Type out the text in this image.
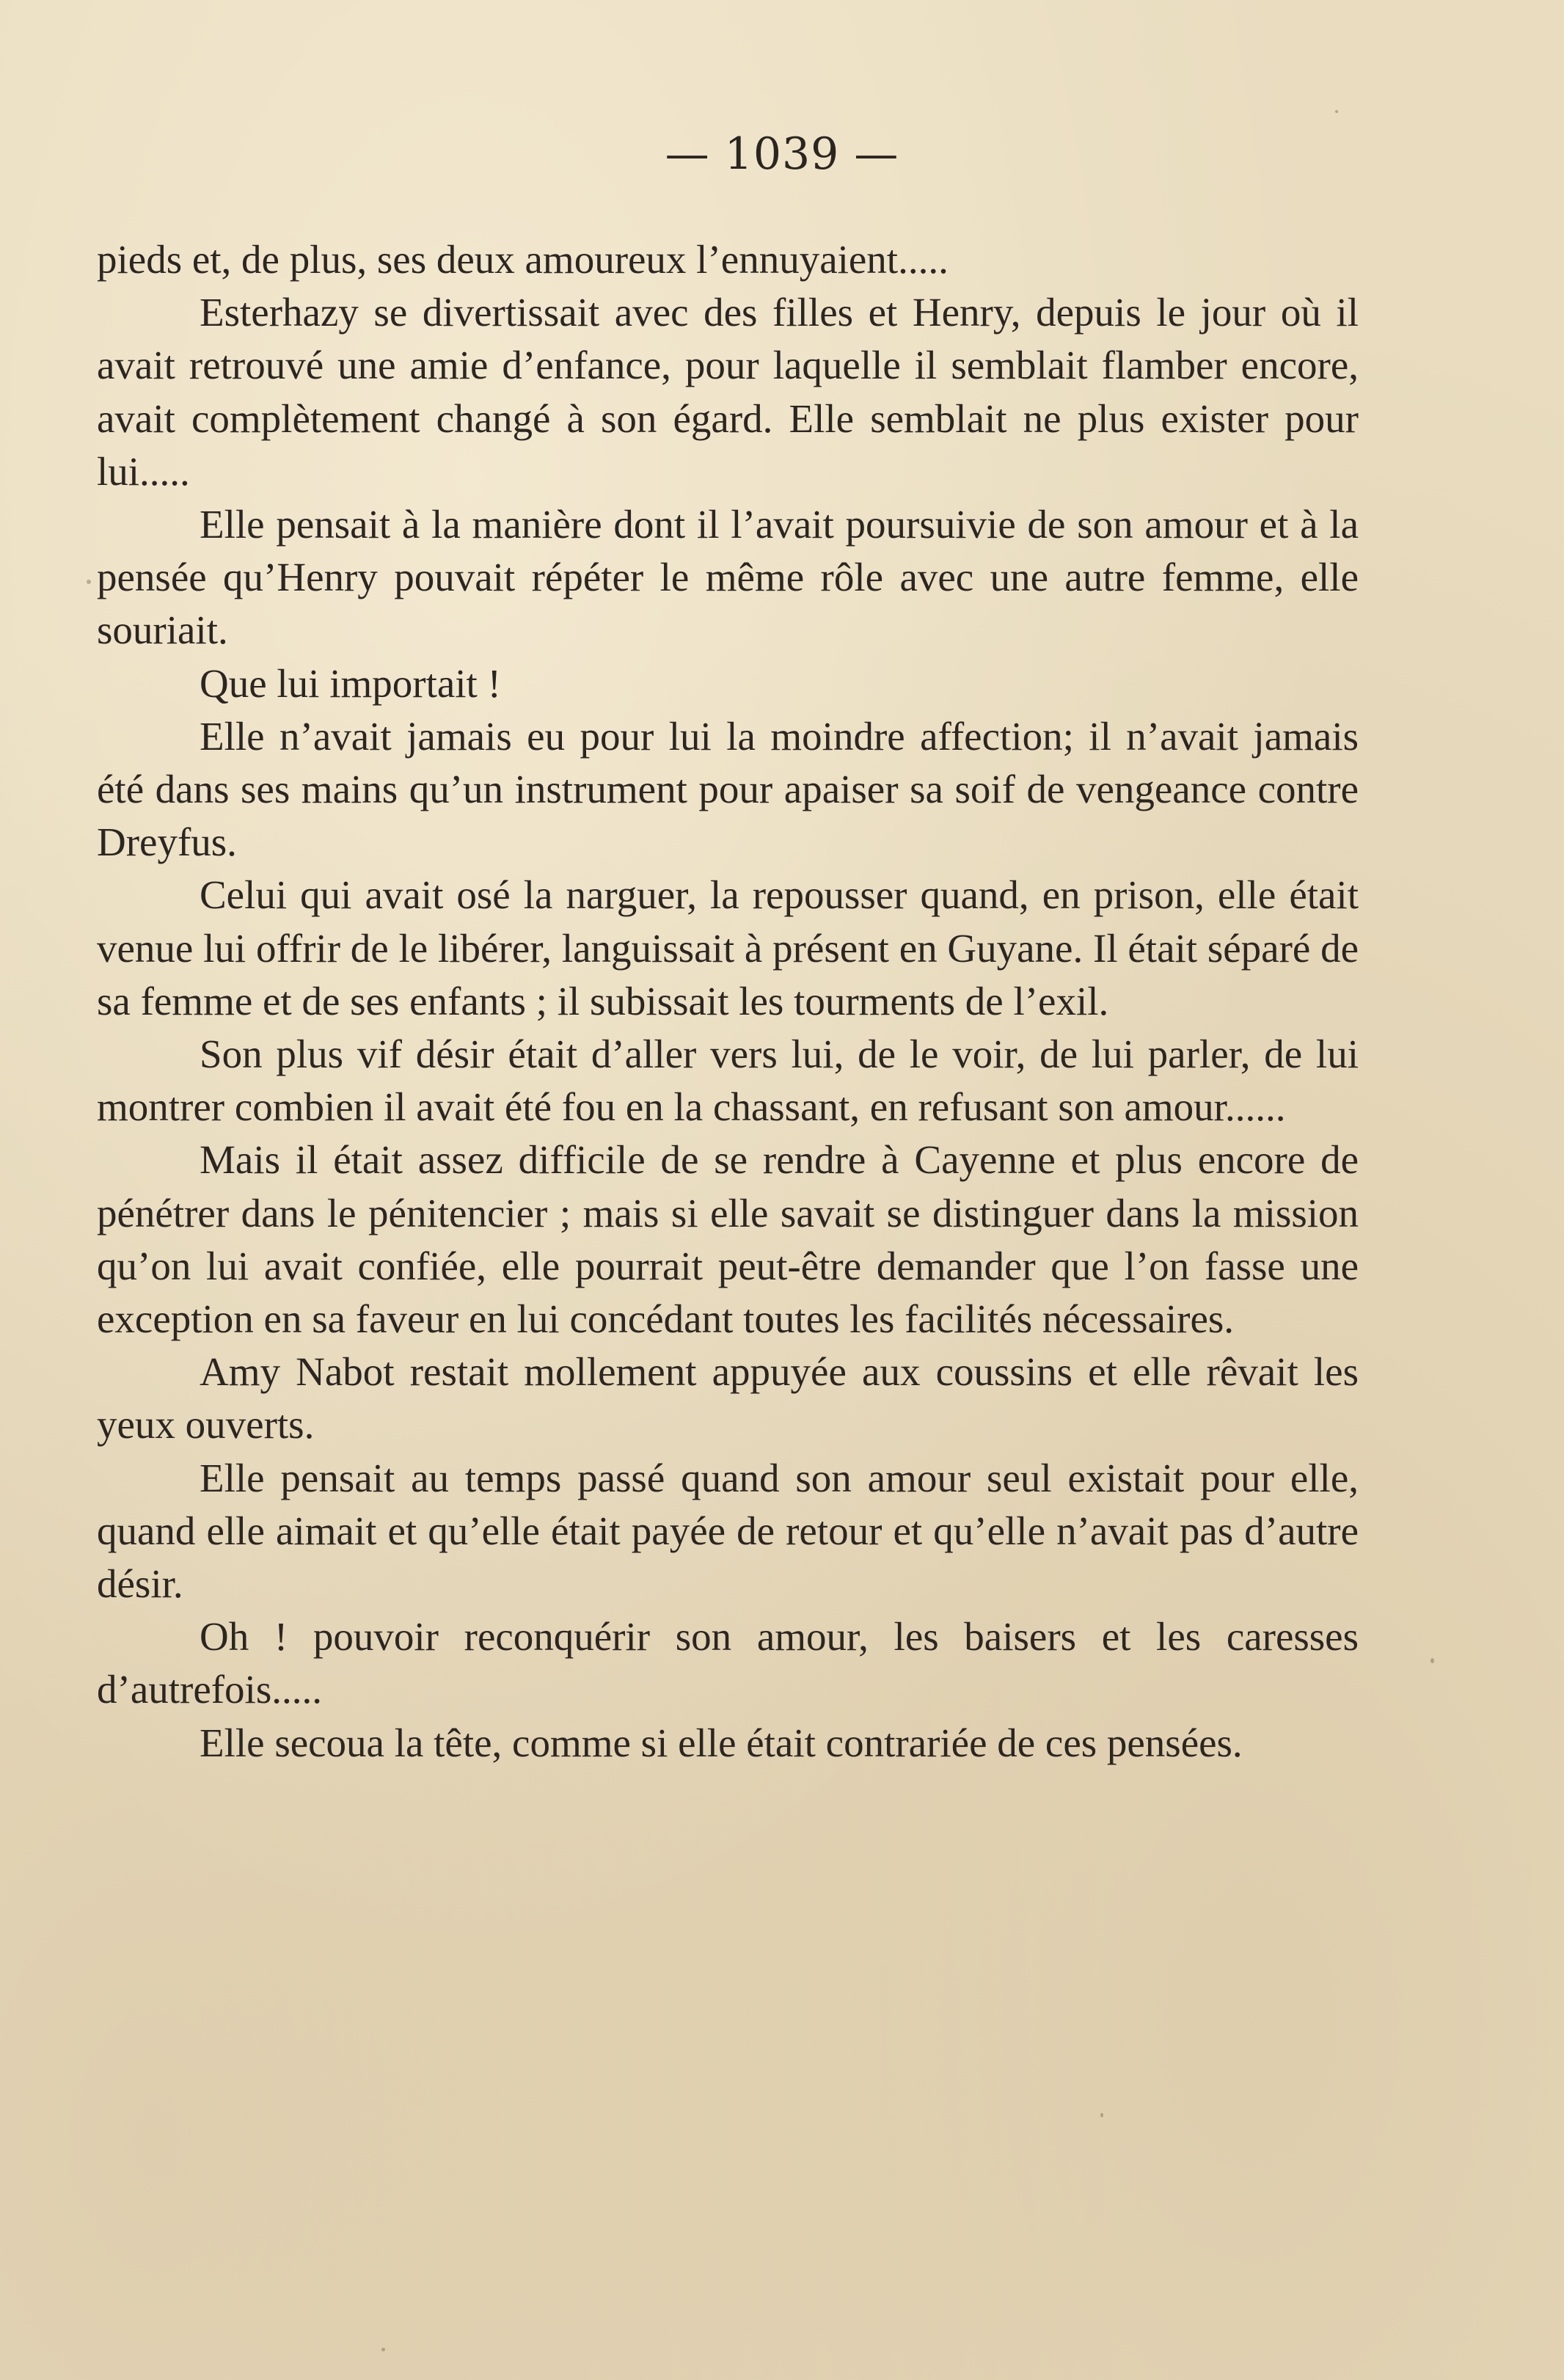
— 1039 —

pieds et, de plus, ses deux amoureux l’ennuyaient.....

Esterhazy se divertissait avec des filles et Henry, depuis le jour où il avait retrouvé une amie d’enfance, pour laquelle il semblait flamber encore, avait complètement changé à son égard. Elle semblait ne plus exister pour lui.....

Elle pensait à la manière dont il l’avait poursuivie de son amour et à la pensée qu’Henry pouvait répéter le même rôle avec une autre femme, elle souriait.

Que lui importait !

Elle n’avait jamais eu pour lui la moindre affection; il n’avait jamais été dans ses mains qu’un instrument pour apaiser sa soif de vengeance contre Dreyfus.

Celui qui avait osé la narguer, la repousser quand, en prison, elle était venue lui offrir de le libérer, languissait à présent en Guyane. Il était séparé de sa femme et de ses enfants ; il subissait les tourments de l’exil.

Son plus vif désir était d’aller vers lui, de le voir, de lui parler, de lui montrer combien il avait été fou en la chassant, en refusant son amour......

Mais il était assez difficile de se rendre à Cayenne et plus encore de pénétrer dans le pénitencier ; mais si elle savait se distinguer dans la mission qu’on lui avait confiée, elle pourrait peut-être demander que l’on fasse une exception en sa faveur en lui concédant toutes les facilités nécessaires.

Amy Nabot restait mollement appuyée aux coussins et elle rêvait les yeux ouverts.

Elle pensait au temps passé quand son amour seul existait pour elle, quand elle aimait et qu’elle était payée de retour et qu’elle n’avait pas d’autre désir.

Oh ! pouvoir reconquérir son amour, les baisers et les caresses d’autrefois.....

Elle secoua la tête, comme si elle était contrariée de ces pensées.
